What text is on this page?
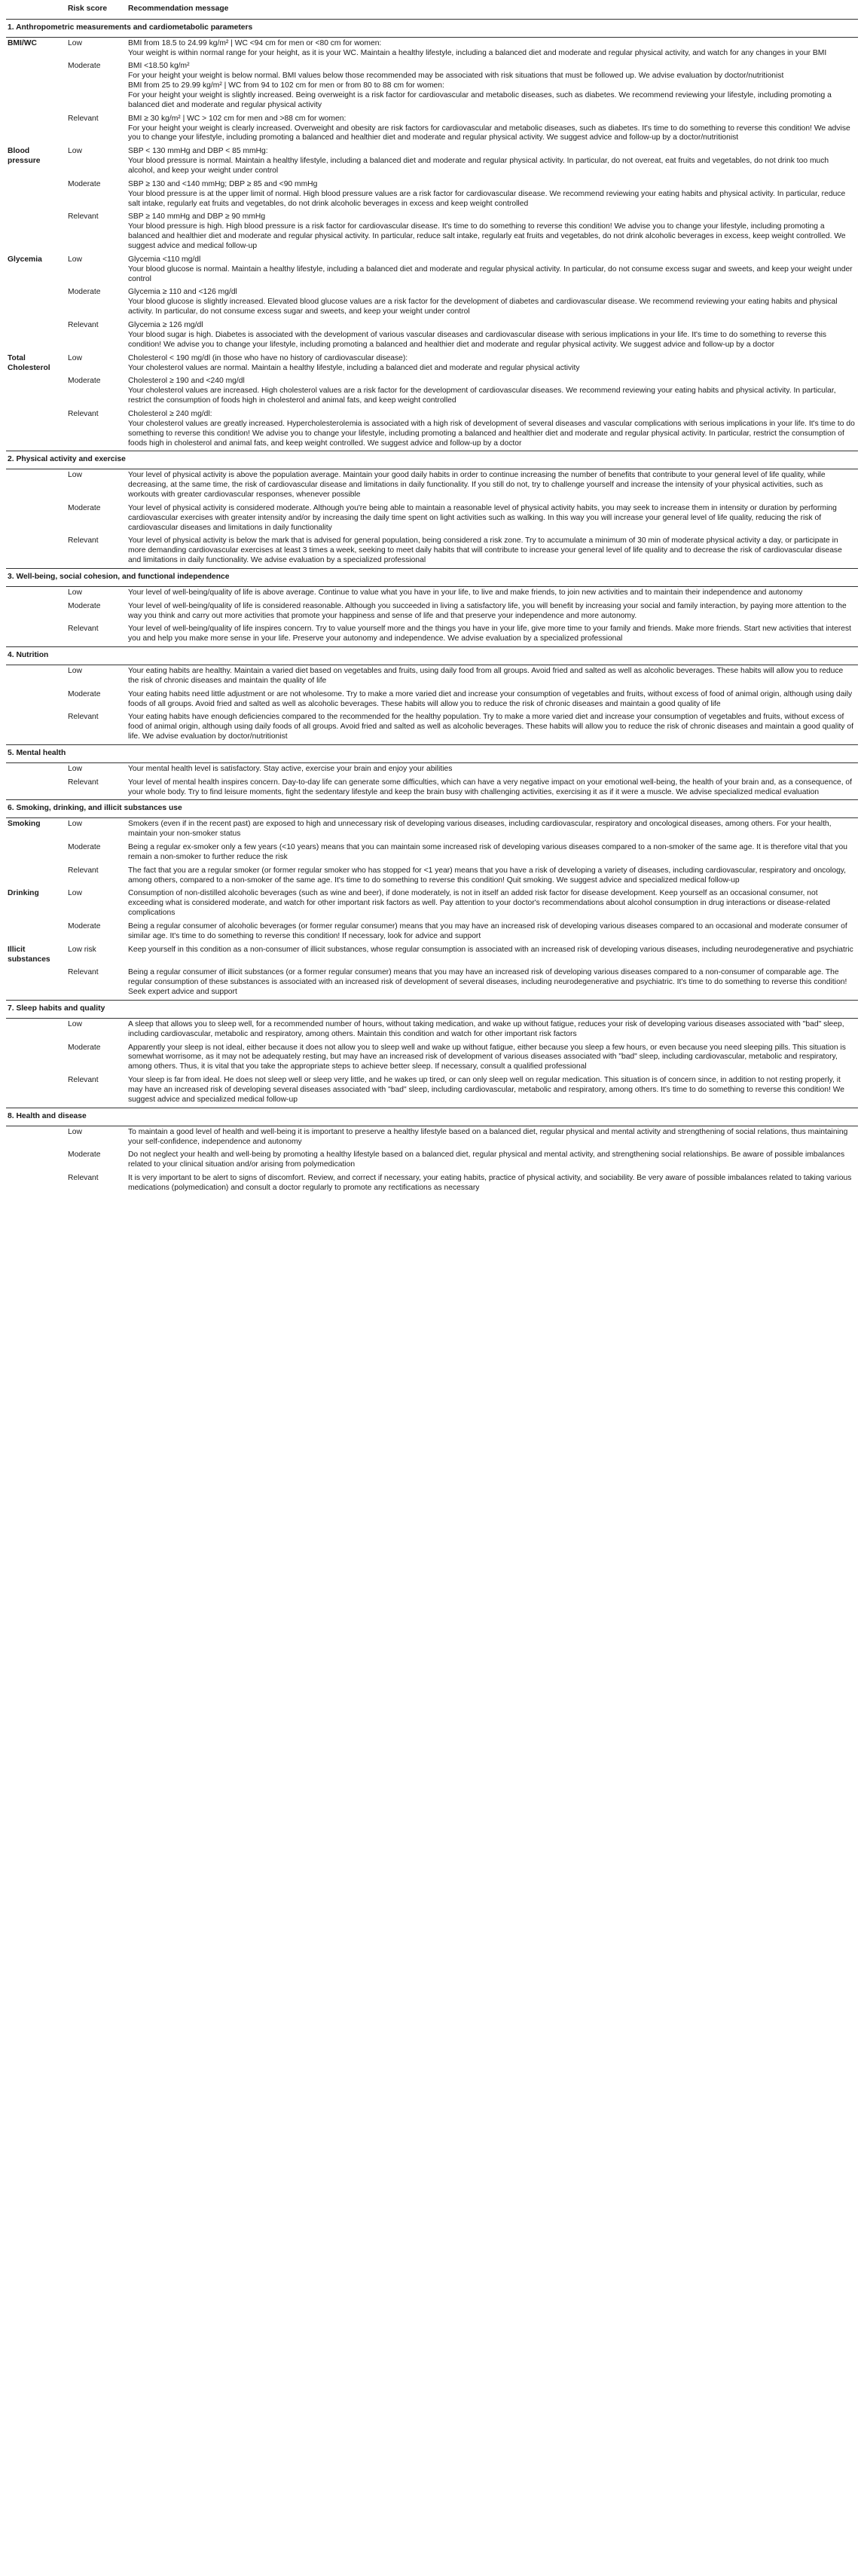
	Risk score	Recommendation message
1. Anthropometric measurements and cardiometabolic parameters		
BMI/WC	Low	BMI from 18.5 to 24.99 kg/m² | WC <94 cm for men or <80 cm for women:
Your weight is within normal range for your height, as it is your WC. Maintain a healthy lifestyle, including a balanced diet and moderate and regular physical activity, and watch for any changes in your BMI

	Moderate	BMI <18.50 kg/m²
For your height your weight is below normal. BMI values below those recommended may be associated with risk situations that must be followed up. We advise evaluation by doctor/nutritionist
BMI from 25 to 29.99 kg/m² | WC from 94 to 102 cm for men or from 80 to 88 cm for women:
For your height your weight is slightly increased. Being overweight is a risk factor for cardiovascular and metabolic diseases, such as diabetes. We recommend reviewing your lifestyle, including promoting a balanced diet and moderate and regular physical activity

	Relevant	BMI ≥ 30 kg/m² | WC > 102 cm for men and >88 cm for women:
For your height your weight is clearly increased. Overweight and obesity are risk factors for cardiovascular and metabolic diseases, such as diabetes. It's time to do something to reverse this condition! We advise you to change your lifestyle, including promoting a balanced and healthier diet and moderate and regular physical activity. We suggest advice and follow-up by a doctor/nutritionist

Blood pressure	Low	SBP < 130 mmHg and DBP < 85 mmHg:
Your blood pressure is normal. Maintain a healthy lifestyle, including a balanced diet and moderate and regular physical activity. In particular, do not overeat, eat fruits and vegetables, do not drink too much alcohol, and keep your weight under control

	Moderate	SBP ≥ 130 and <140 mmHg; DBP ≥ 85 and <90 mmHg
Your blood pressure is at the upper limit of normal. High blood pressure values are a risk factor for cardiovascular disease. We recommend reviewing your eating habits and physical activity. In particular, reduce salt intake, regularly eat fruits and vegetables, do not drink alcoholic beverages in excess and keep weight controlled

	Relevant	SBP ≥ 140 mmHg and DBP ≥ 90 mmHg
Your blood pressure is high. High blood pressure is a risk factor for cardiovascular disease. It's time to do something to reverse this condition! We advise you to change your lifestyle, including promoting a balanced and healthier diet and moderate and regular physical activity. In particular, reduce salt intake, regularly eat fruits and vegetables, do not drink alcoholic beverages in excess, keep weight controlled. We suggest advice and medical follow-up

Glycemia	Low	Glycemia <110 mg/dl
Your blood glucose is normal. Maintain a healthy lifestyle, including a balanced diet and moderate and regular physical activity. In particular, do not consume excess sugar and sweets, and keep your weight under control

	Moderate	Glycemia ≥ 110 and <126 mg/dl
Your blood glucose is slightly increased. Elevated blood glucose values are a risk factor for the development of diabetes and cardiovascular disease. We recommend reviewing your eating habits and physical activity. In particular, do not consume excess sugar and sweets, and keep your weight under control

	Relevant	Glycemia ≥ 126 mg/dl
Your blood sugar is high. Diabetes is associated with the development of various vascular diseases and cardiovascular disease with serious implications in your life. It's time to do something to reverse this condition! We advise you to change your lifestyle, including promoting a balanced and healthier diet and moderate and regular physical activity. We suggest advice and follow-up by a doctor

Total Cholesterol	Low	Cholesterol < 190 mg/dl (in those who have no history of cardiovascular disease):
Your cholesterol values are normal. Maintain a healthy lifestyle, including a balanced diet and moderate and regular physical activity

	Moderate	Cholesterol ≥ 190 and <240 mg/dl
Your cholesterol values are increased. High cholesterol values are a risk factor for the development of cardiovascular diseases. We recommend reviewing your eating habits and physical activity. In particular, restrict the consumption of foods high in cholesterol and animal fats, and keep weight controlled

	Relevant	Cholesterol ≥ 240 mg/dl:
Your cholesterol values are greatly increased. Hypercholesterolemia is associated with a high risk of development of several diseases and vascular complications with serious implications in your life. It's time to do something to reverse this condition! We advise you to change your lifestyle, including promoting a balanced and healthier diet and moderate and regular physical activity. In particular, restrict the consumption of foods high in cholesterol and animal fats, and keep weight controlled. We suggest advice and follow-up by a doctor

2. Physical activity and exercise		
	Low	Your level of physical activity is above the population average. Maintain your good daily habits in order to continue increasing the number of benefits that contribute to your general level of life quality, while decreasing, at the same time, the risk of cardiovascular disease and limitations in daily functionality. If you still do not, try to challenge yourself and increase the intensity of your physical activities, such as workouts with greater cardiovascular responses, whenever possible

	Moderate	Your level of physical activity is considered moderate. Although you're being able to maintain a reasonable level of physical activity habits, you may seek to increase them in intensity or duration by performing cardiovascular exercises with greater intensity and/or by increasing the daily time spent on light activities such as walking. In this way you will increase your general level of life quality, reducing the risk of cardiovascular diseases and limitations in daily functionality

	Relevant	Your level of physical activity is below the mark that is advised for general population, being considered a risk zone. Try to accumulate a minimum of 30 min of moderate physical activity a day, or participate in more demanding cardiovascular exercises at least 3 times a week, seeking to meet daily habits that will contribute to increase your general level of life quality and to decrease the risk of cardiovascular disease and limitations in daily functionality. We advise evaluation by a specialized professional

3. Well-being, social cohesion, and functional independence		
	Low	Your level of well-being/quality of life is above average. Continue to value what you have in your life, to live and make friends, to join new activities and to maintain their independence and autonomy

	Moderate	Your level of well-being/quality of life is considered reasonable. Although you succeeded in living a satisfactory life, you will benefit by increasing your social and family interaction, by paying more attention to the way you think and carry out more activities that promote your happiness and sense of life and that preserve your independence and more autonomy.

	Relevant	Your level of well-being/quality of life inspires concern. Try to value yourself more and the things you have in your life, give more time to your family and friends. Make more friends. Start new activities that interest you and help you make more sense in your life. Preserve your autonomy and independence. We advise evaluation by a specialized professional

4. Nutrition		
	Low	Your eating habits are healthy. Maintain a varied diet based on vegetables and fruits, using daily food from all groups. Avoid fried and salted as well as alcoholic beverages. These habits will allow you to reduce the risk of chronic diseases and maintain the quality of life

	Moderate	Your eating habits need little adjustment or are not wholesome. Try to make a more varied diet and increase your consumption of vegetables and fruits, without excess of food of animal origin, although using daily foods of all groups. Avoid fried and salted as well as alcoholic beverages. These habits will allow you to reduce the risk of chronic diseases and maintain a good quality of life

	Relevant	Your eating habits have enough deficiencies compared to the recommended for the healthy population. Try to make a more varied diet and increase your consumption of vegetables and fruits, without excess of food of animal origin, although using daily foods of all groups. Avoid fried and salted as well as alcoholic beverages. These habits will allow you to reduce the risk of chronic diseases and maintain a good quality of life. We advise evaluation by doctor/nutritionist

5. Mental health		
	Low	Your mental health level is satisfactory. Stay active, exercise your brain and enjoy your abilities

	Relevant	Your level of mental health inspires concern. Day-to-day life can generate some difficulties, which can have a very negative impact on your emotional well-being, the health of your brain and, as a consequence, of your whole body. Try to find leisure moments, fight the sedentary lifestyle and keep the brain busy with challenging activities, exercising it as if it were a muscle. We advise specialized medical evaluation

6. Smoking, drinking, and illicit substances use		
Smoking	Low	Smokers (even if in the recent past) are exposed to high and unnecessary risk of developing various diseases, including cardiovascular, respiratory and oncological diseases, among others. For your health, maintain your non-smoker status

	Moderate	Being a regular ex-smoker only a few years (<10 years) means that you can maintain some increased risk of developing various diseases compared to a non-smoker of the same age. It is therefore vital that you remain a non-smoker to further reduce the risk

	Relevant	The fact that you are a regular smoker (or former regular smoker who has stopped for <1 year) means that you have a risk of developing a variety of diseases, including cardiovascular, respiratory and oncology, among others, compared to a non-smoker of the same age. It's time to do something to reverse this condition! Quit smoking. We suggest advice and specialized medical follow-up

Drinking	Low	Consumption of non-distilled alcoholic beverages (such as wine and beer), if done moderately, is not in itself an added risk factor for disease development. Keep yourself as an occasional consumer, not exceeding what is considered moderate, and watch for other important risk factors as well. Pay attention to your doctor's recommendations about alcohol consumption in drug interactions or disease-related complications

	Moderate	Being a regular consumer of alcoholic beverages (or former regular consumer) means that you may have an increased risk of developing various diseases compared to an occasional and moderate consumer of similar age. It's time to do something to reverse this condition! If necessary, look for advice and support

Illicit substances	Low risk	Keep yourself in this condition as a non-consumer of illicit substances, whose regular consumption is associated with an increased risk of developing various diseases, including neurodegenerative and psychiatric

	Relevant	Being a regular consumer of illicit substances (or a former regular consumer) means that you may have an increased risk of developing various diseases compared to a non-consumer of comparable age. The regular consumption of these substances is associated with an increased risk of development of several diseases, including neurodegenerative and psychiatric. It's time to do something to reverse this condition! Seek expert advice and support

7. Sleep habits and quality		
	Low	A sleep that allows you to sleep well, for a recommended number of hours, without taking medication, and wake up without fatigue, reduces your risk of developing various diseases associated with "bad" sleep, including cardiovascular, metabolic and respiratory, among others. Maintain this condition and watch for other important risk factors

	Moderate	Apparently your sleep is not ideal, either because it does not allow you to sleep well and wake up without fatigue, either because you sleep a few hours, or even because you need sleeping pills. This situation is somewhat worrisome, as it may not be adequately resting, but may have an increased risk of development of various diseases associated with "bad" sleep, including cardiovascular, metabolic and respiratory, among others. Thus, it is vital that you take the appropriate steps to achieve better sleep. If necessary, consult a qualified professional

	Relevant	Your sleep is far from ideal. He does not sleep well or sleep very little, and he wakes up tired, or can only sleep well on regular medication. This situation is of concern since, in addition to not resting properly, it may have an increased risk of developing several diseases associated with "bad" sleep, including cardiovascular, metabolic and respiratory, among others. It's time to do something to reverse this condition! We suggest advice and specialized medical follow-up

8. Health and disease		
	Low	To maintain a good level of health and well-being it is important to preserve a healthy lifestyle based on a balanced diet, regular physical and mental activity and strengthening of social relations, thus maintaining your self-confidence, independence and autonomy

	Moderate	Do not neglect your health and well-being by promoting a healthy lifestyle based on a balanced diet, regular physical and mental activity, and strengthening social relationships. Be aware of possible imbalances related to your clinical situation and/or arising from polymedication

	Relevant	It is very important to be alert to signs of discomfort. Review, and correct if necessary, your eating habits, practice of physical activity, and sociability. Be very aware of possible imbalances related to taking various medications (polymedication) and consult a doctor regularly to promote any rectifications as necessary
